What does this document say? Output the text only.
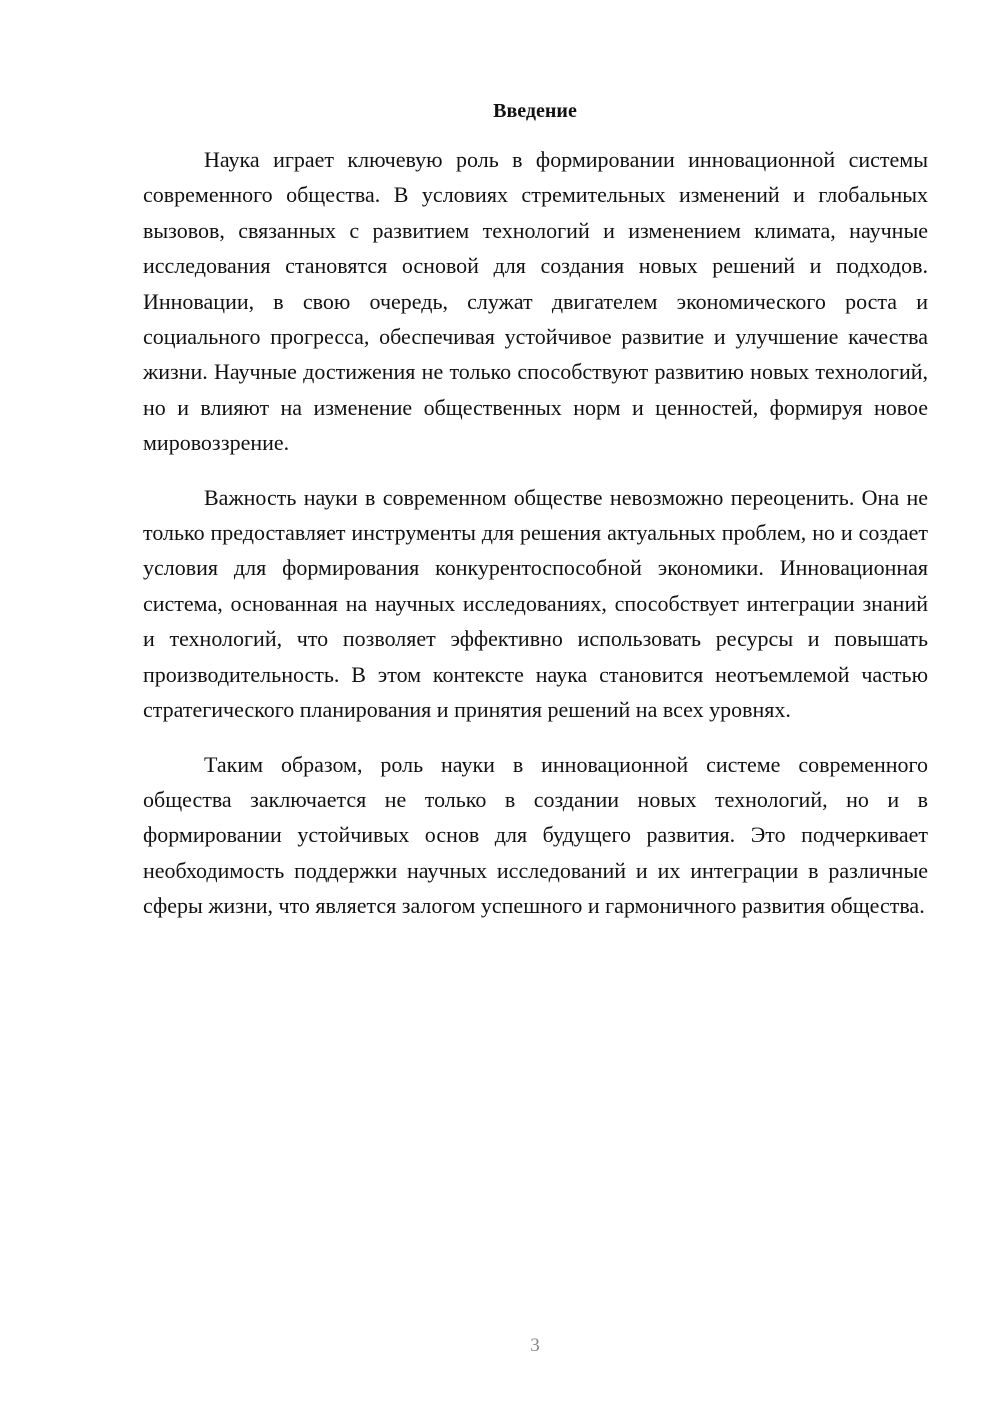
Введение

Наука играет ключевую роль в формировании инновационной системы современного общества. В условиях стремительных изменений и глобальных вызовов, связанных с развитием технологий и изменением климата, научные исследования становятся основой для создания новых решений и подходов. Инновации, в свою очередь, служат двигателем экономического роста и социального прогресса, обеспечивая устойчивое развитие и улучшение качества жизни. Научные достижения не только способствуют развитию новых технологий, но и влияют на изменение общественных норм и ценностей, формируя новое мировоззрение.

Важность науки в современном обществе невозможно переоценить. Она не только предоставляет инструменты для решения актуальных проблем, но и создает условия для формирования конкурентоспособной экономики. Инновационная система, основанная на научных исследованиях, способствует интеграции знаний и технологий, что позволяет эффективно использовать ресурсы и повышать производительность. В этом контексте наука становится неотъемлемой частью стратегического планирования и принятия решений на всех уровнях.

Таким образом, роль науки в инновационной системе современного общества заключается не только в создании новых технологий, но и в формировании устойчивых основ для будущего развития. Это подчеркивает необходимость поддержки научных исследований и их интеграции в различные сферы жизни, что является залогом успешного и гармоничного развития общества.

3
